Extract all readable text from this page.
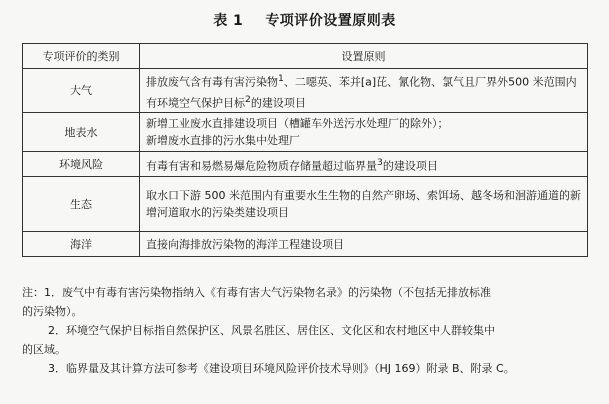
表 1 专项评价设置原则表
专项评价的类别	设置原则
大气	排放废气含有毒有害污染物$^1$、二噁英、苯并[a]芘、氰化物、氯气且厂界外500 米范围内有环境空气保护目标$^2$的建设项目
地表水	新增工业废水直排建设项目（槽罐车外送污水处理厂的除外）；
新增废水直排的污水集中处理厂

环境风险	有毒有害和易燃易爆危险物质存储量超过临界量$^3$的建设项目
生态	取水口下游 500 米范围内有重要水生生物的自然产卵场、索饵场、越冬场和洄游通道的新增河道取水的污染类建设项目
海洋	直接向海排放污染物的海洋工程建设项目

注：1．废气中有毒有害污染物指纳入《有毒有害大气污染物名录》的污染物（不包括无排放标准
的污染物）。

2．环境空气保护目标指自然保护区、风景名胜区、居住区、文化区和农村地区中人群较集中

的区域。

3．临界量及其计算方法可参考《建设项目环境风险评价技术导则》（HJ 169）附录 B、附录 C。
